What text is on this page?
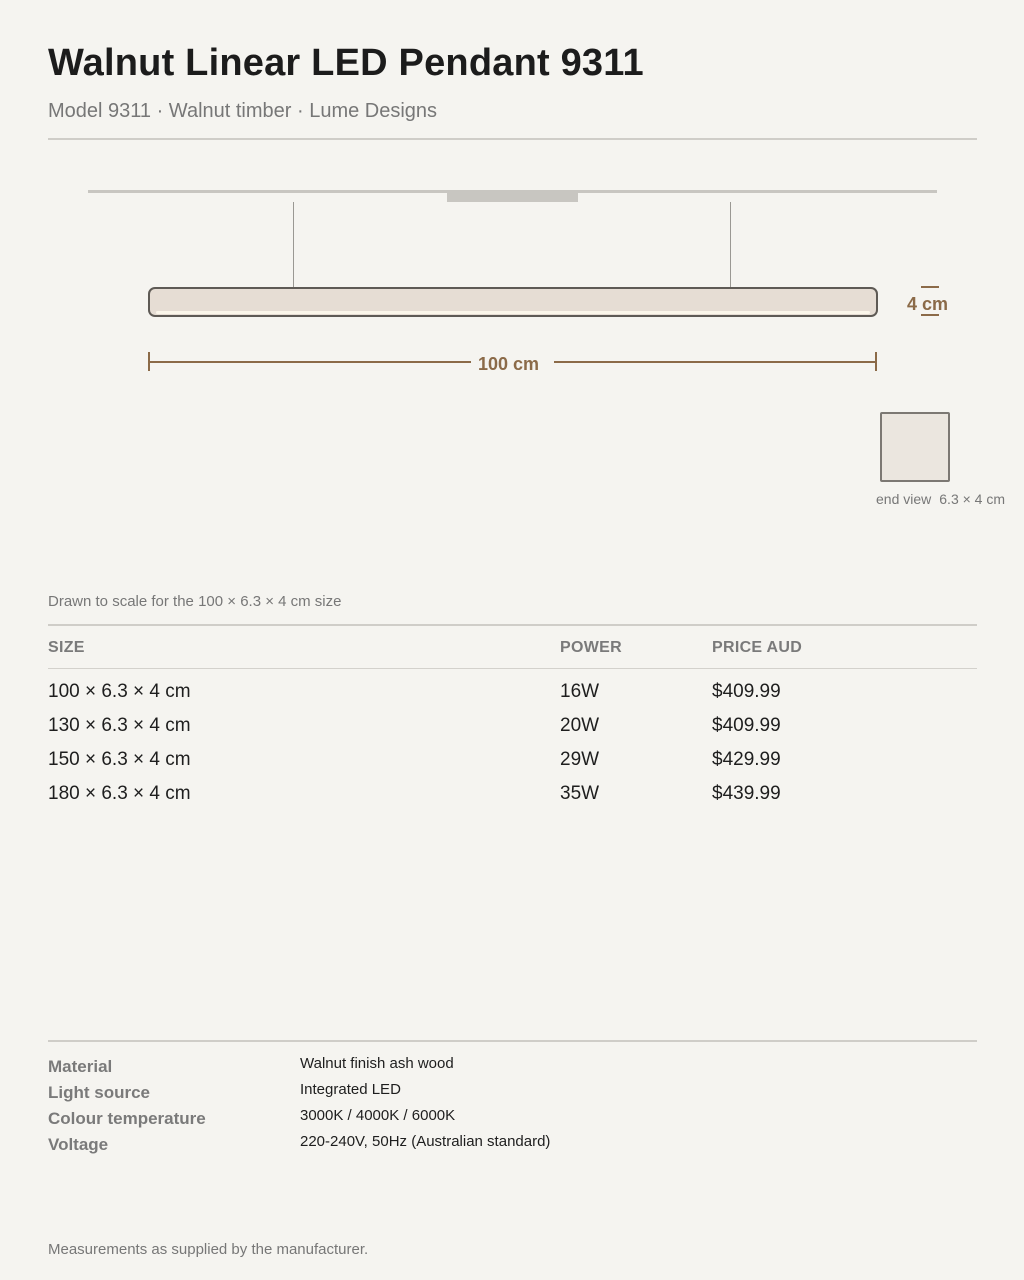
Walnut Linear LED Pendant 9311
Model 9311 · Walnut timber · Lume Designs
4 cm
100 cm
end view 6.3 × 4 cm
Drawn to scale for the 100 × 6.3 × 4 cm size
SIZE	POWER	PRICE AUD
100 × 6.3 × 4 cm	16W	$409.99
130 × 6.3 × 4 cm	20W	$409.99
150 × 6.3 × 4 cm	29W	$429.99
180 × 6.3 × 4 cm	35W	$439.99
Material	Walnut finish ash wood
Light source	Integrated LED
Colour temperature	3000K / 4000K / 6000K
Voltage	220-240V, 50Hz (Australian standard)
Measurements as supplied by the manufacturer.
